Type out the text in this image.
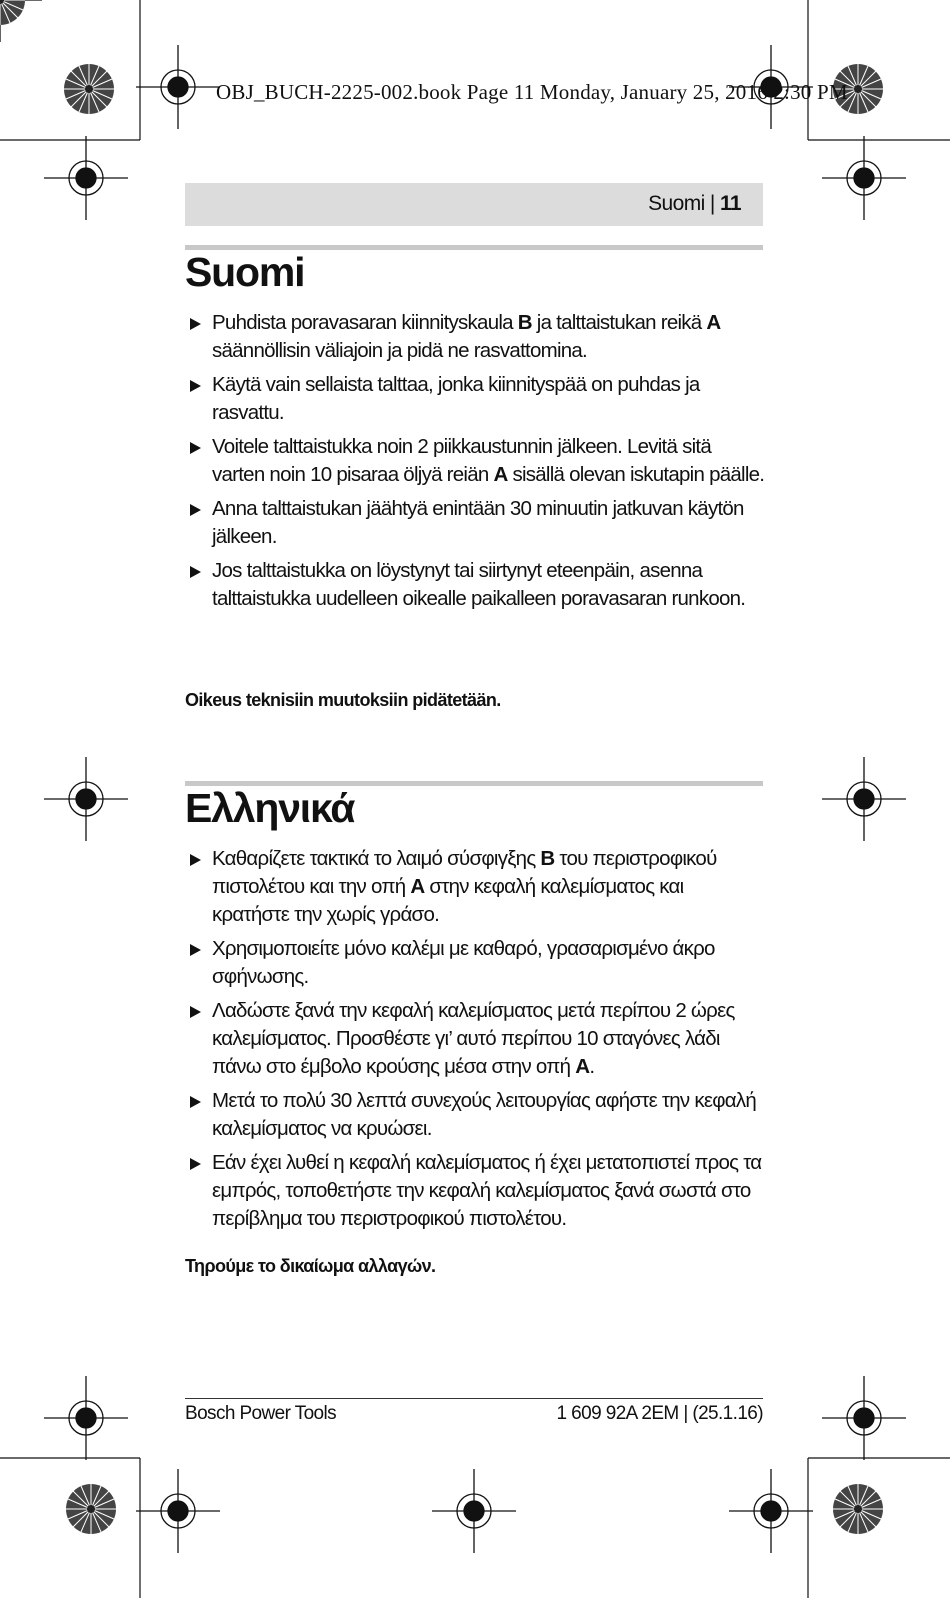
OBJ_BUCH-2225-002.book Page 11 Monday, January 25, 2016 2:30 PM
Suomi | 11
Suomi
Puhdista poravasaran kiinnityskaula B ja talttaistukan reikä A säännöllisin väliajoin ja pidä ne rasvattomina.
Käytä vain sellaista talttaa, jonka kiinnityspää on puhdas ja rasvattu.
Voitele talttaistukka noin 2 piikkaustunnin jälkeen. Levitä sitä varten noin 10 pisaraa öljyä reiän A sisällä olevan iskutapin päälle.
Anna talttaistukan jäähtyä enintään 30 minuutin jatkuvan käytön jälkeen.
Jos talttaistukka on löystynyt tai siirtynyt eteenpäin, asenna talttaistukka uudelleen oikealle paikalleen poravasaran runkoon.
Oikeus teknisiin muutoksiin pidätetään.
Ελληνικά
Καθαρίζετε τακτικά το λαιμό σύσφιγξης B του περιστροφικού πιστολέτου και την οπή A στην κεφαλή καλεμίσματος και κρατήστε την χωρίς γράσο.
Χρησιμοποιείτε μόνο καλέμι με καθαρό, γρασαρισμένο άκρο σφήνωσης.
Λαδώστε ξανά την κεφαλή καλεμίσματος μετά περίπου 2 ώρες καλεμίσματος. Προσθέστε γι’ αυτό περίπου 10 σταγόνες λάδι πάνω στο έμβολο κρούσης μέσα στην οπή A.
Μετά το πολύ 30 λεπτά συνεχούς λειτουργίας αφήστε την κεφαλή καλεμίσματος να κρυώσει.
Εάν έχει λυθεί η κεφαλή καλεμίσματος ή έχει μετατοπιστεί προς τα εμπρός, τοποθετήστε την κεφαλή καλεμίσματος ξανά σωστά στο περίβλημα του περιστροφικού πιστολέτου.
Τηρούμε το δικαίωμα αλλαγών.
Bosch Power Tools	1 609 92A 2EM | (25.1.16)
